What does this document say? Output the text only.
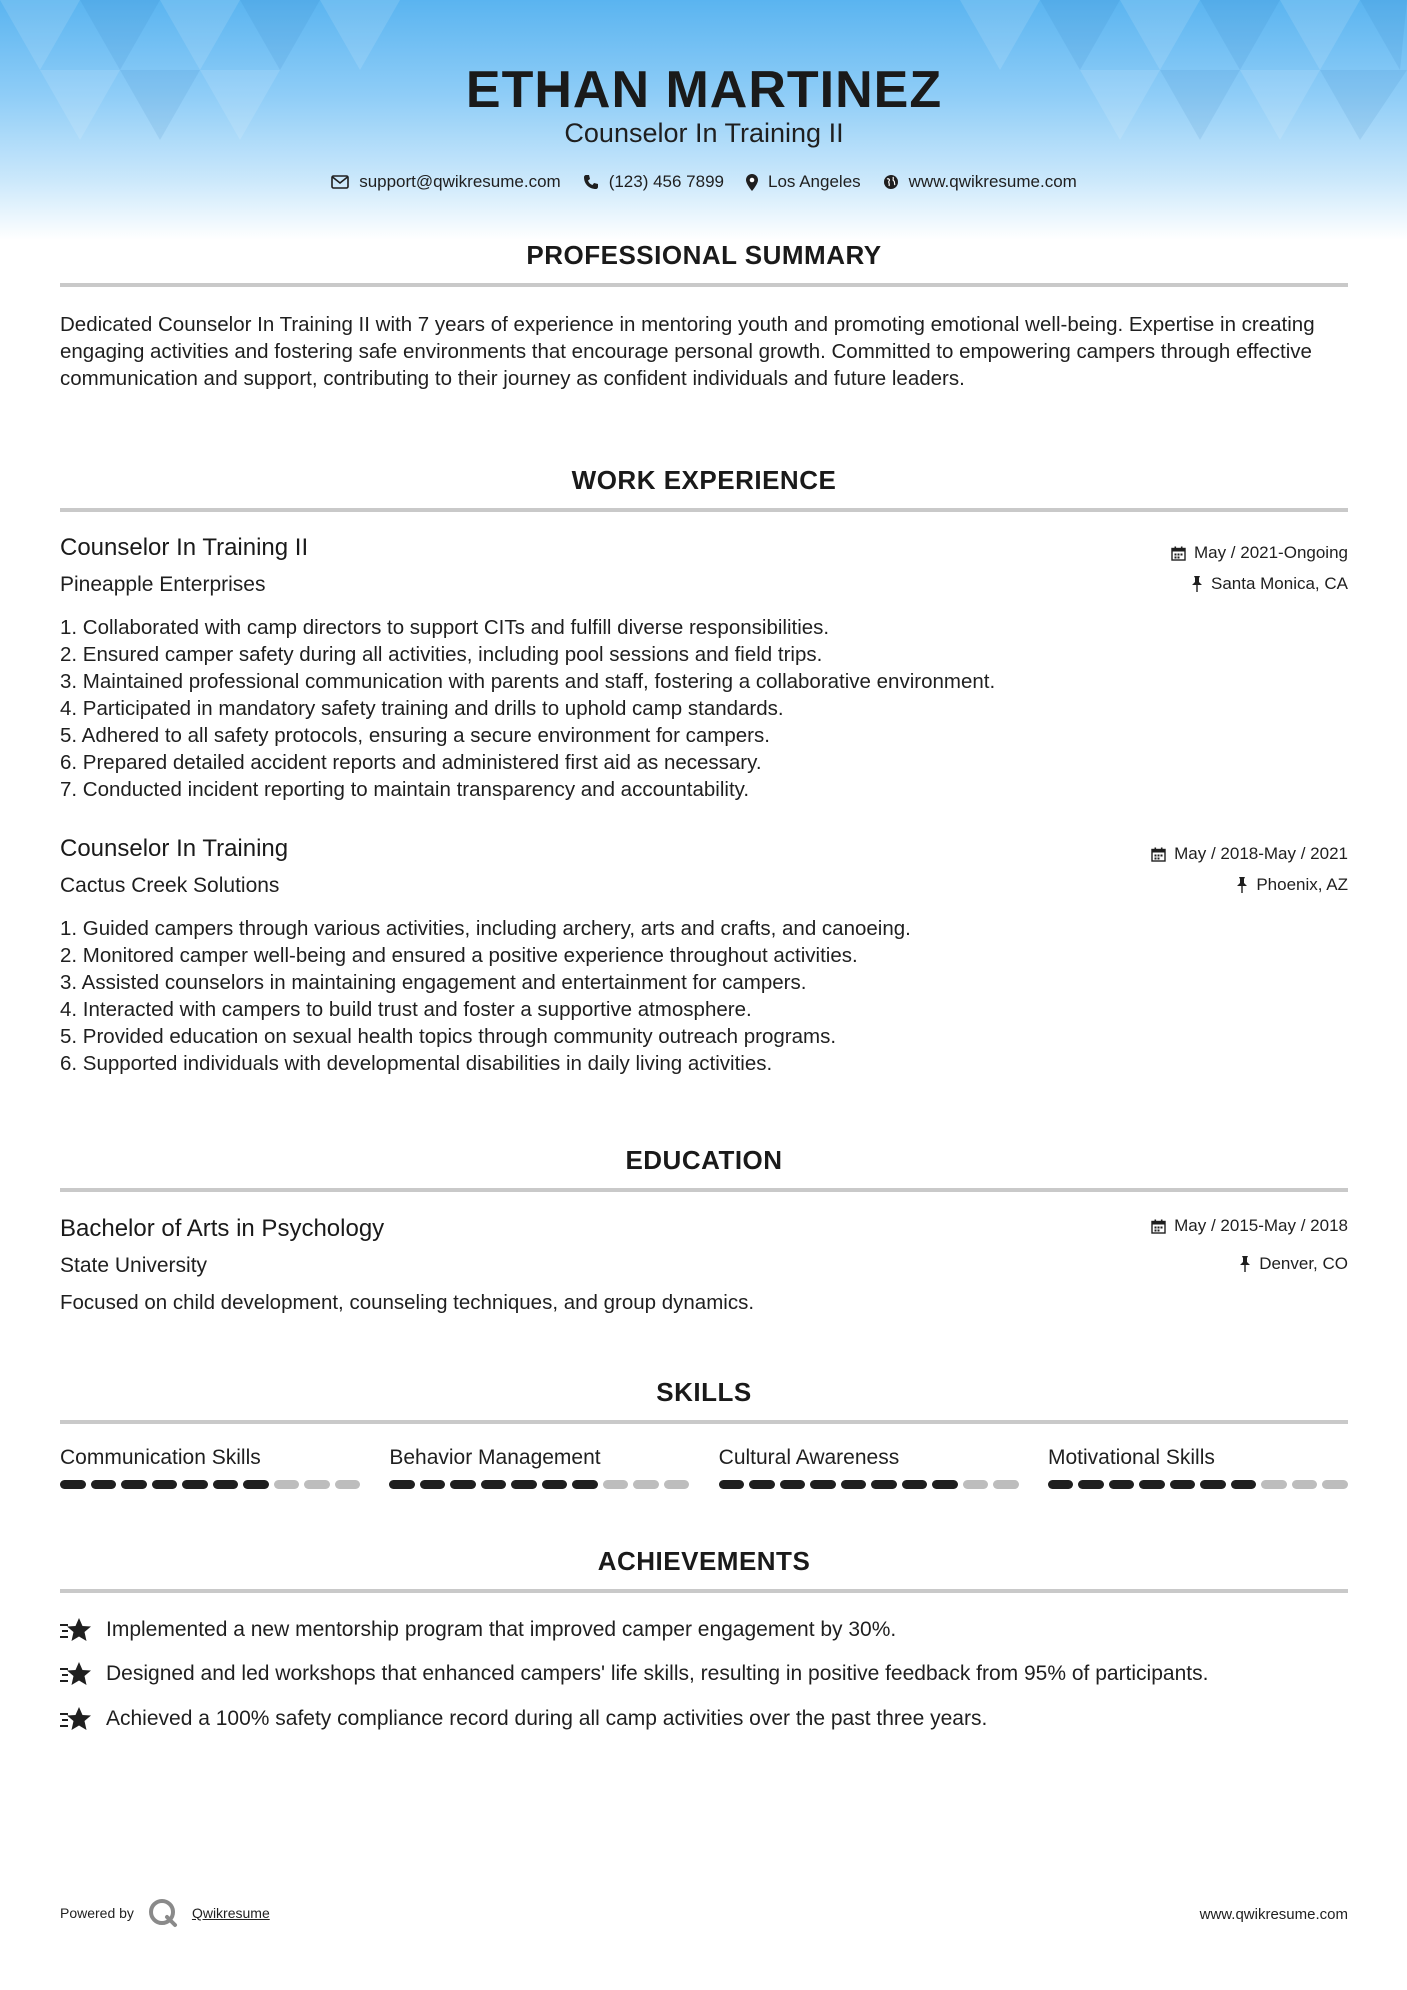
ETHAN MARTINEZ
Counselor In Training II
support@qwikresume.com	(123) 456 7899	Los Angeles	www.qwikresume.com
PROFESSIONAL SUMMARY
Dedicated Counselor In Training II with 7 years of experience in mentoring youth and promoting emotional well-being. Expertise in creating engaging activities and fostering safe environments that encourage personal growth. Committed to empowering campers through effective communication and support, contributing to their journey as confident individuals and future leaders.
WORK EXPERIENCE
Counselor In Training II
Pineapple Enterprises
May / 2021-Ongoing
Santa Monica, CA
1. Collaborated with camp directors to support CITs and fulfill diverse responsibilities.
2. Ensured camper safety during all activities, including pool sessions and field trips.
3. Maintained professional communication with parents and staff, fostering a collaborative environment.
4. Participated in mandatory safety training and drills to uphold camp standards.
5. Adhered to all safety protocols, ensuring a secure environment for campers.
6. Prepared detailed accident reports and administered first aid as necessary.
7. Conducted incident reporting to maintain transparency and accountability.
Counselor In Training
Cactus Creek Solutions
May / 2018-May / 2021
Phoenix, AZ
1. Guided campers through various activities, including archery, arts and crafts, and canoeing.
2. Monitored camper well-being and ensured a positive experience throughout activities.
3. Assisted counselors in maintaining engagement and entertainment for campers.
4. Interacted with campers to build trust and foster a supportive atmosphere.
5. Provided education on sexual health topics through community outreach programs.
6. Supported individuals with developmental disabilities in daily living activities.
EDUCATION
Bachelor of Arts in Psychology
State University
May / 2015-May / 2018
Denver, CO
Focused on child development, counseling techniques, and group dynamics.
SKILLS
Communication Skills	Behavior Management	Cultural Awareness	Motivational Skills
ACHIEVEMENTS
Implemented a new mentorship program that improved camper engagement by 30%.
Designed and led workshops that enhanced campers' life skills, resulting in positive feedback from 95% of participants.
Achieved a 100% safety compliance record during all camp activities over the past three years.
Powered by	Qwikresume	www.qwikresume.com
